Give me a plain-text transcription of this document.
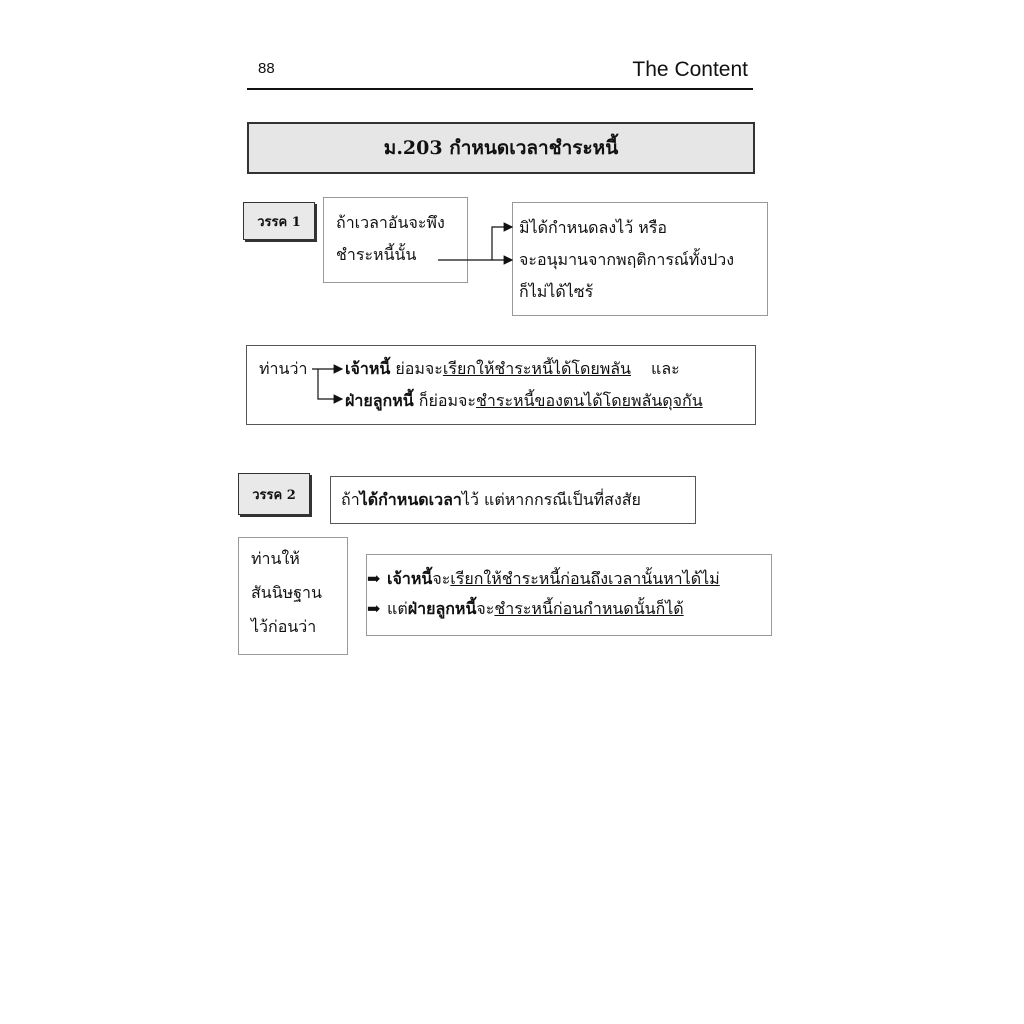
88	The Content
ม.203 กำหนดเวลาชำระหนี้
วรรค 1 ถ้าเวลาอันจะพึง
ชำระหนี้นั้น
มิได้กำหนดลงไว้ หรือ
จะอนุมานจากพฤติการณ์ทั้งปวง
ก็ไม่ได้ไซร้
ท่านว่า เจ้าหนี้ ย่อมจะเรียกให้ชำระหนี้ได้โดยพลัน และ
ฝ่ายลูกหนี้ ก็ย่อมจะชำระหนี้ของตนได้โดยพลันดุจกัน
วรรค 2	ถ้าได้กำหนดเวลาไว้ แต่หากกรณีเป็นที่สงสัย
ท่านให้
สันนิษฐาน
ไว้ก่อนว่า
➡ เจ้าหนี้จะเรียกให้ชำระหนี้ก่อนถึงเวลานั้นหาได้ไม่
➡ แต่ฝ่ายลูกหนี้จะชำระหนี้ก่อนกำหนดนั้นก็ได้
